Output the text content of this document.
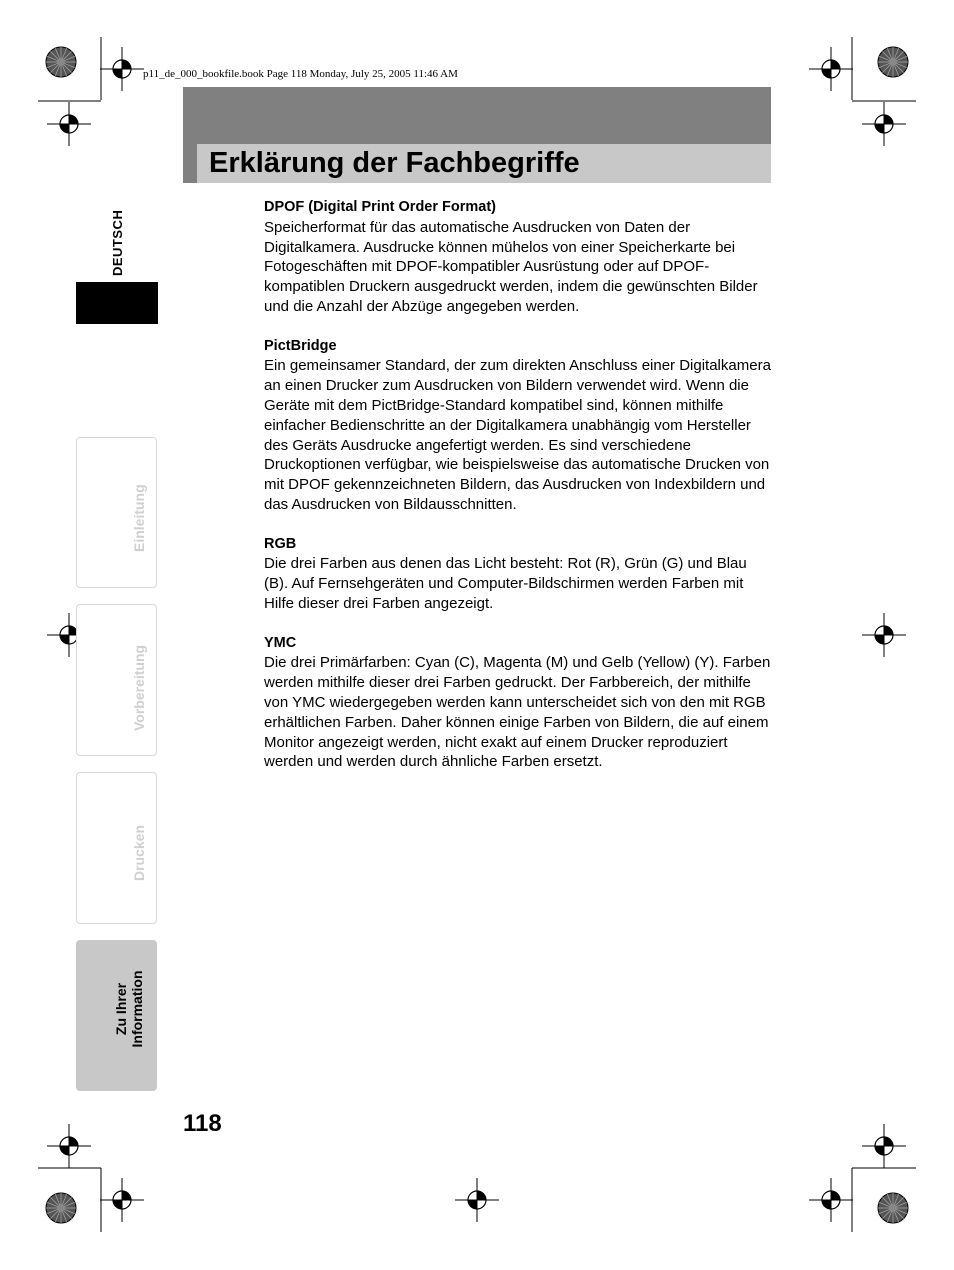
p11_de_000_bookfile.book Page 118 Monday, July 25, 2005 11:46 AM
Erklärung der Fachbegriffe
DEUTSCH
Einleitung
Vorbereitung
Drucken
Zu Ihrer Information
DPOF (Digital Print Order Format)

Speicherformat für das automatische Ausdrucken von Daten der Digitalkamera. Ausdrucke können mühelos von einer Speicherkarte bei Fotogeschäften mit DPOF-kompatibler Ausrüstung oder auf DPOF-kompatiblen Druckern ausgedruckt werden, indem die gewünschten Bilder und die Anzahl der Abzüge angegeben werden.

PictBridge

Ein gemeinsamer Standard, der zum direkten Anschluss einer Digitalkamera an einen Drucker zum Ausdrucken von Bildern verwendet wird. Wenn die Geräte mit dem PictBridge-Standard kompatibel sind, können mithilfe einfacher Bedienschritte an der Digitalkamera unabhängig vom Hersteller des Geräts Ausdrucke angefertigt werden. Es sind verschiedene Druckoptionen verfügbar, wie beispielsweise das automatische Drucken von mit DPOF gekennzeichneten Bildern, das Ausdrucken von Indexbildern und das Ausdrucken von Bildausschnitten.

RGB

Die drei Farben aus denen das Licht besteht: Rot (R), Grün (G) und Blau (B). Auf Fernsehgeräten und Computer-Bildschirmen werden Farben mit Hilfe dieser drei Farben angezeigt.

YMC

Die drei Primärfarben: Cyan (C), Magenta (M) und Gelb (Yellow) (Y). Farben werden mithilfe dieser drei Farben gedruckt. Der Farbbereich, der mithilfe von YMC wiedergegeben werden kann unterscheidet sich von den mit RGB erhältlichen Farben. Daher können einige Farben von Bildern, die auf einem Monitor angezeigt werden, nicht exakt auf einem Drucker reproduziert werden und werden durch ähnliche Farben ersetzt.

118
